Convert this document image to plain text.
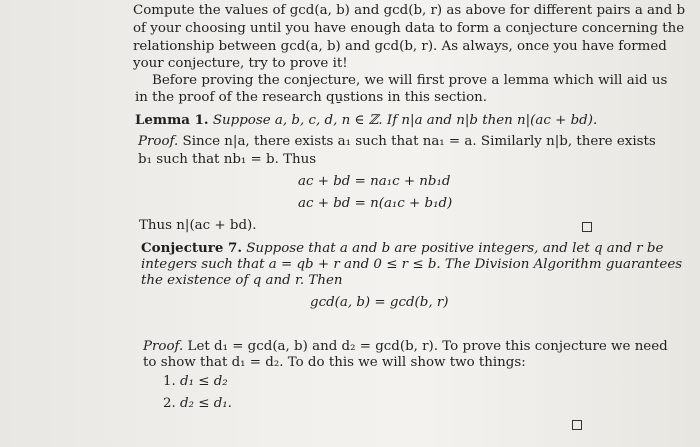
Compute the values of gcd(a, b) and gcd(b, r) as above for different pairs a and b
of your choosing until you have enough data to form a conjecture concerning the
relationship between gcd(a, b) and gcd(b, r). As always, once you have formed
your conjecture, try to prove it!
Before proving the conjecture, we will first prove a lemma which will aid us
in the proof of the research qu̱stions in this section.
Lemma 1. Suppose a, b, c, d, n ∈ ℤ. If n|a and n|b then n|(ac + bd).
Proof. Since n|a, there exists a₁ such that na₁ = a. Similarly n|b, there exists
b₁ such that nb₁ = b. Thus
ac + bd = na₁c + nb₁d
ac + bd = n(a₁c + b₁d)
Thus n|(ac + bd).
Conjecture 7. Suppose that a and b are positive integers, and let q and r be
integers such that a = qb + r and 0 ≤ r ≤ b. The Division Algorithm guarantees
the existence of q and r. Then
gcd(a, b) = gcd(b, r)
Proof. Let d₁ = gcd(a, b) and d₂ = gcd(b, r). To prove this conjecture we need
to show that d₁ = d₂. To do this we will show two things:
1. d₁ ≤ d₂
2. d₂ ≤ d₁.
